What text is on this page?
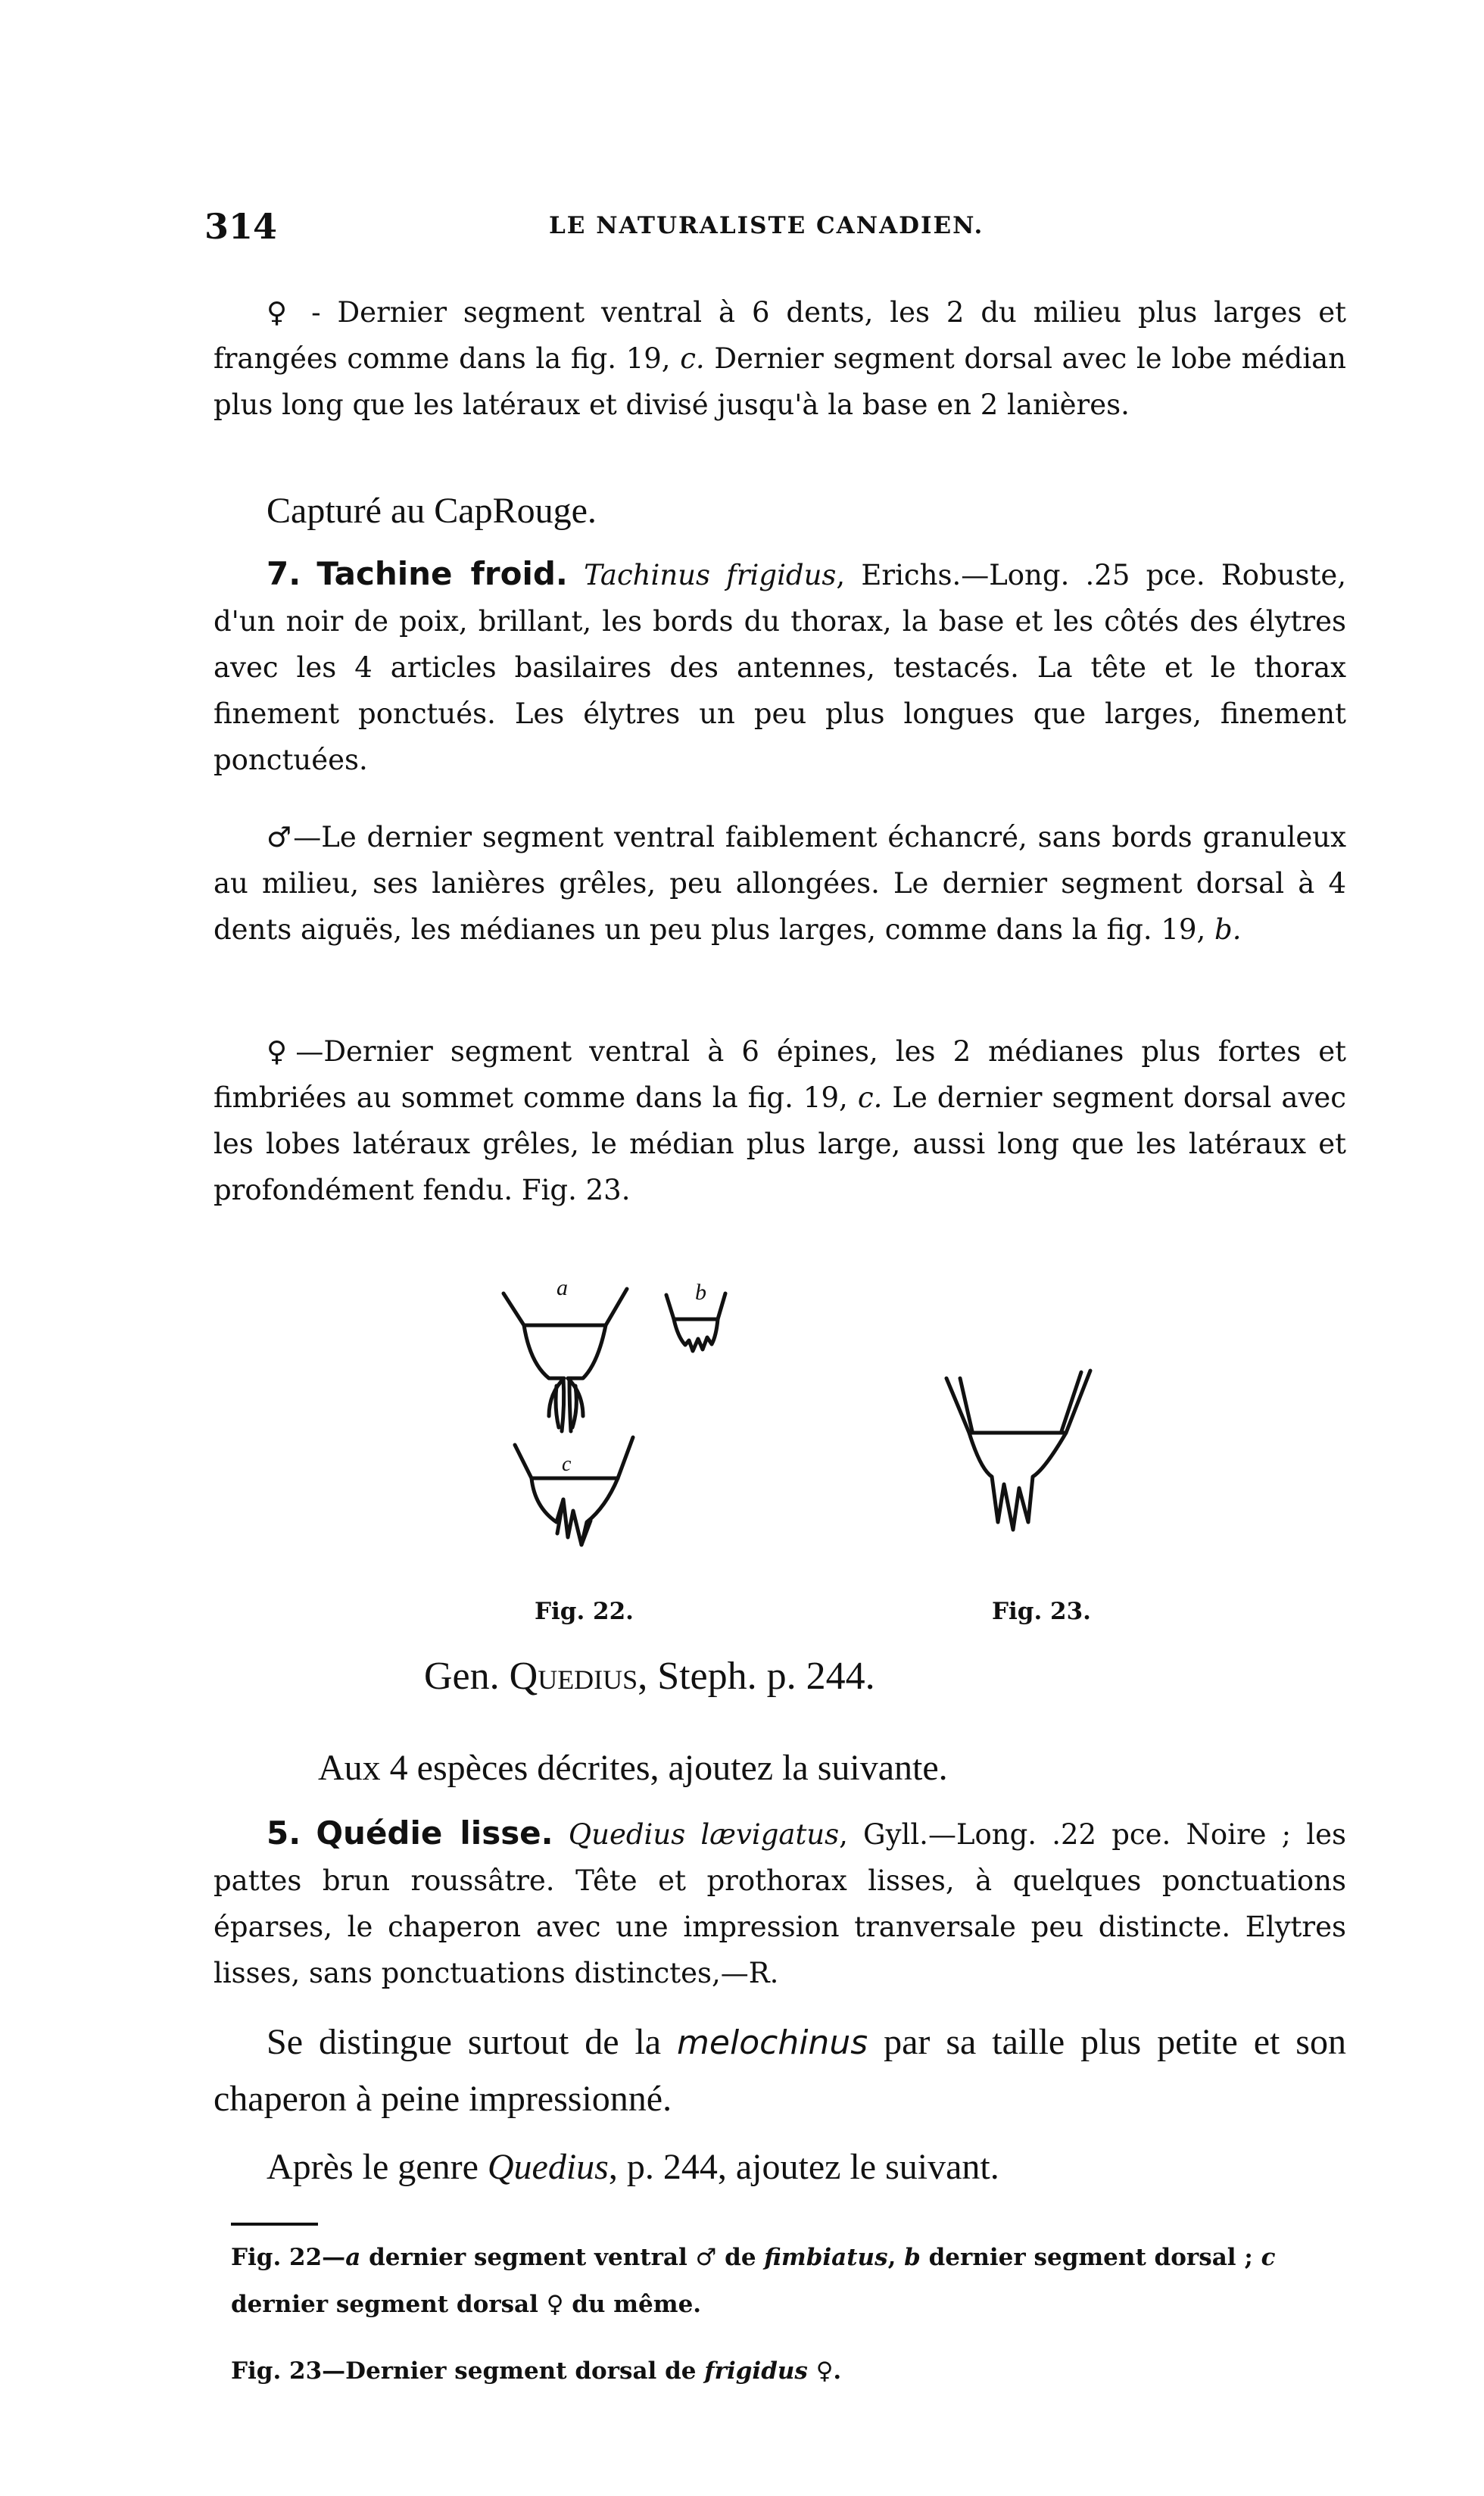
314	LE NATURALISTE CANADIEN.
♀ - Dernier segment ventral à 6 dents, les 2 du milieu plus larges et frangées comme dans la fig. 19, c. Dernier segment dorsal avec le lobe médian plus long que les latéraux et divisé jusqu'à la base en 2 lanières.
Capturé au CapRouge.
7. Tachine froid. Tachinus frigidus, Erichs.—Long. .25 pce. Robuste, d'un noir de poix, brillant, les bords du thorax, la base et les côtés des élytres avec les 4 articles basilaires des antennes, testacés. La tête et le thorax finement ponctués. Les élytres un peu plus longues que larges, finement ponctuées.
♂—Le dernier segment ventral faiblement échancré, sans bords granuleux au milieu, ses lanières grêles, peu allongées. Le dernier segment dorsal à 4 dents aiguës, les médianes un peu plus larges, comme dans la fig. 19, b.
♀—Dernier segment ventral à 6 épines, les 2 médianes plus fortes et fimbriées au sommet comme dans la fig. 19, c. Le dernier segment dorsal avec les lobes latéraux grêles, le médian plus large, aussi long que les latéraux et profondément fendu. Fig. 23.
a	b
c
Fig. 22.	Fig. 23.
Gen. Quedius, Steph. p. 244.
Aux 4 espèces décrites, ajoutez la suivante.
5. Quédie lisse. Quedius lævigatus, Gyll.—Long. .22 pce. Noire ; les pattes brun roussâtre. Tête et prothorax lisses, à quelques ponctuations éparses, le chaperon avec une impression tranversale peu distincte. Elytres lisses, sans ponctuations distinctes,—R.
Se distingue surtout de la melochinus par sa taille plus petite et son chaperon à peine impressionné.
Après le genre Quedius, p. 244, ajoutez le suivant.
Fig. 22—a dernier segment ventral ♂ de fimbiatus, b dernier segment dorsal ; c dernier segment dorsal ♀ du même.
Fig. 23—Dernier segment dorsal de frigidus ♀.
